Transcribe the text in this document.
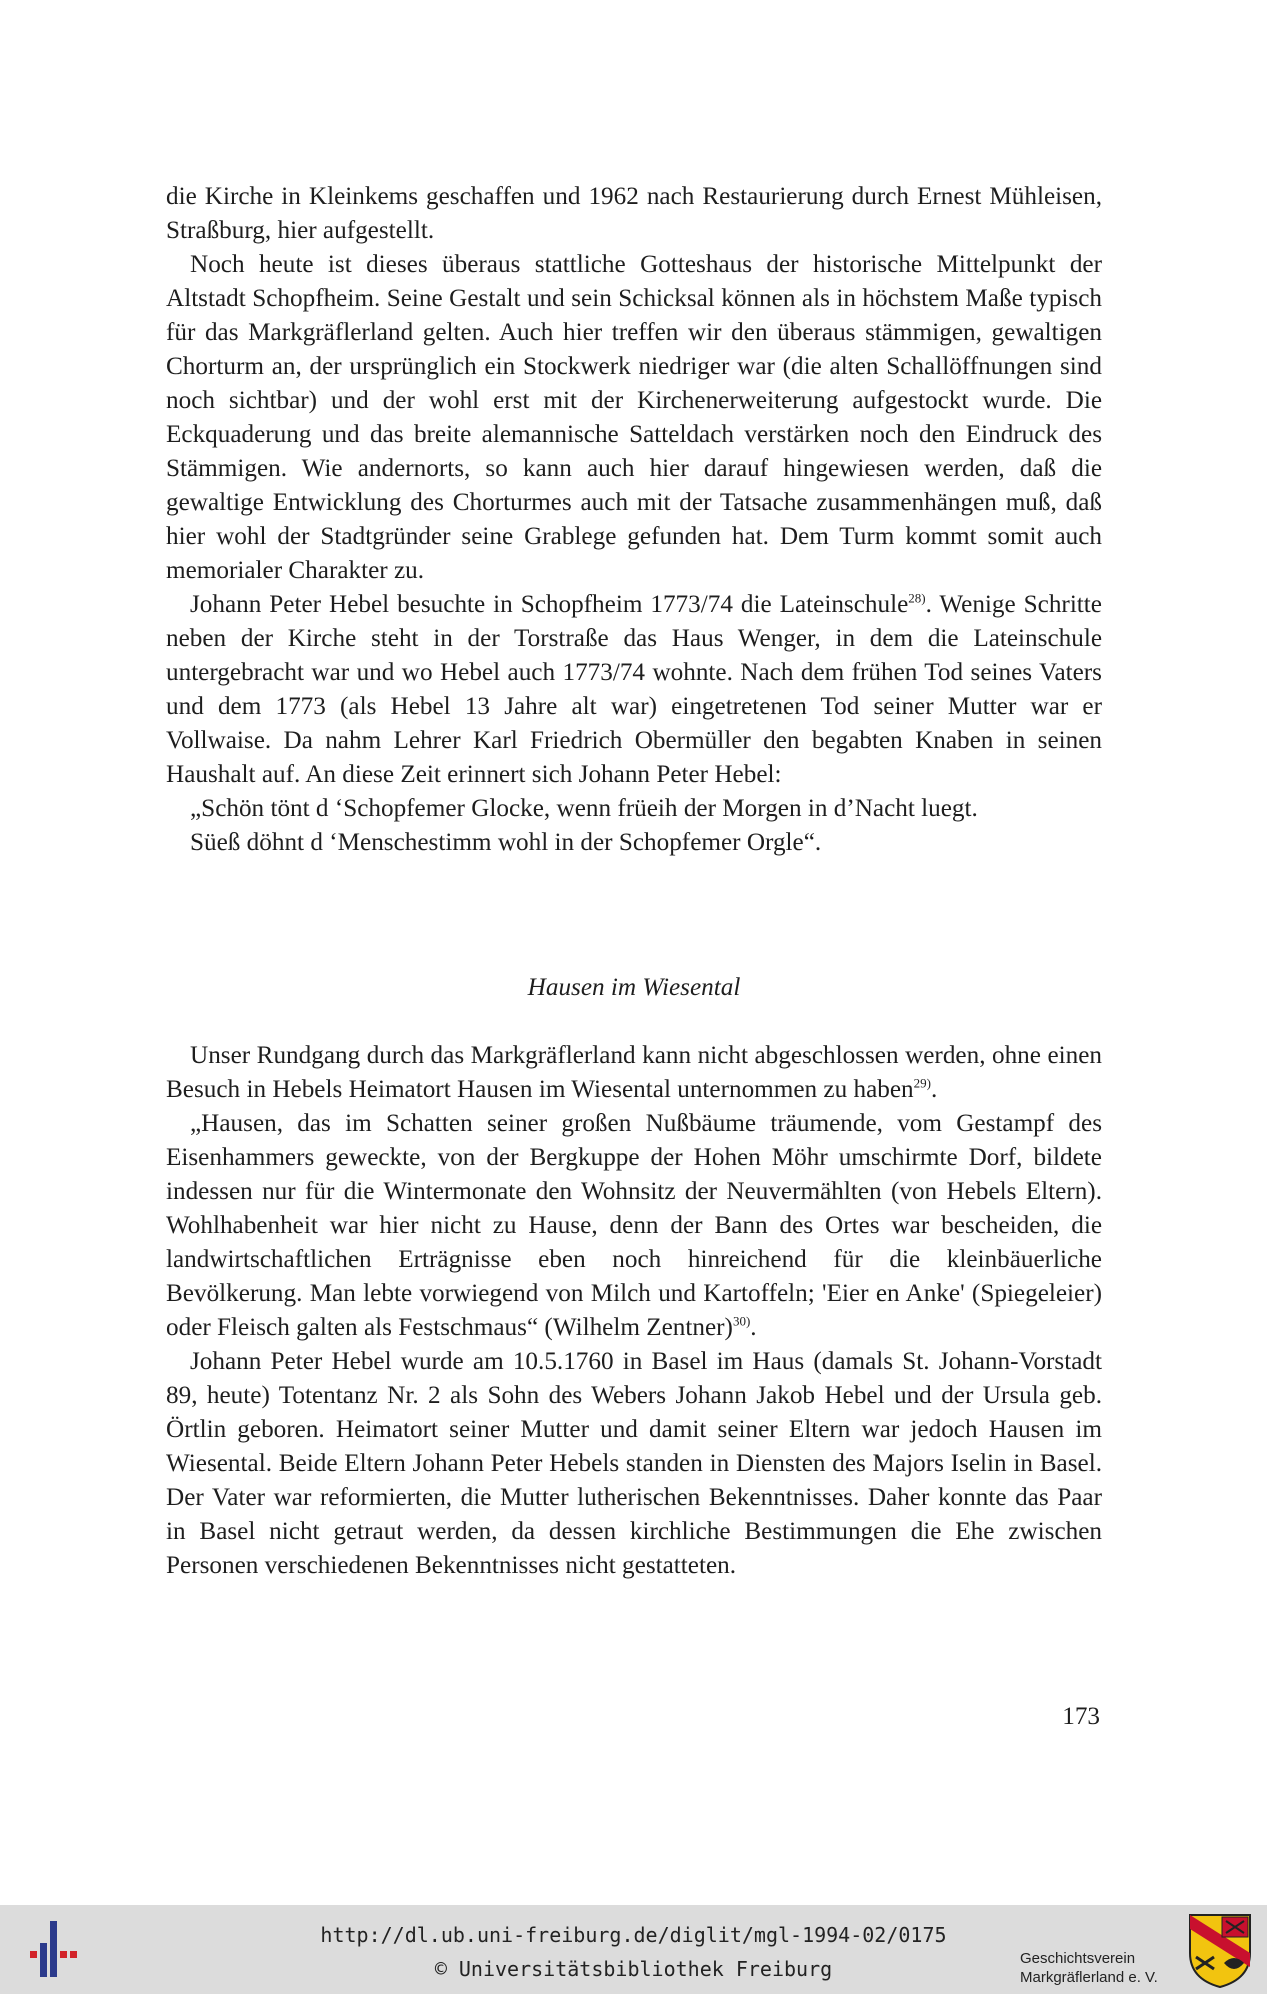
die Kirche in Kleinkems geschaffen und 1962 nach Restaurierung durch Ernest Mühleisen, Straßburg, hier aufgestellt.

Noch heute ist dieses überaus stattliche Gotteshaus der historische Mittelpunkt der Altstadt Schopfheim. Seine Gestalt und sein Schicksal können als in höchstem Maße typisch für das Markgräflerland gelten. Auch hier treffen wir den überaus stämmigen, gewaltigen Chorturm an, der ursprünglich ein Stockwerk niedriger war (die alten Schallöffnungen sind noch sichtbar) und der wohl erst mit der Kirchenerweiterung aufgestockt wurde. Die Eckquaderung und das breite alemannische Satteldach verstärken noch den Eindruck des Stämmigen. Wie andernorts, so kann auch hier darauf hingewiesen werden, daß die gewaltige Entwicklung des Chorturmes auch mit der Tatsache zusammenhängen muß, daß hier wohl der Stadtgründer seine Grablege gefunden hat. Dem Turm kommt somit auch memorialer Charakter zu.

Johann Peter Hebel besuchte in Schopfheim 1773/74 die Lateinschule$^{28)}$. Wenige Schritte neben der Kirche steht in der Torstraße das Haus Wenger, in dem die Lateinschule untergebracht war und wo Hebel auch 1773/74 wohnte. Nach dem frühen Tod seines Vaters und dem 1773 (als Hebel 13 Jahre alt war) eingetretenen Tod seiner Mutter war er Vollwaise. Da nahm Lehrer Karl Friedrich Obermüller den begabten Knaben in seinen Haushalt auf. An diese Zeit erinnert sich Johann Peter Hebel:

„Schön tönt d ‘Schopfemer Glocke, wenn früeih der Morgen in d’Nacht luegt.
Süeß döhnt d ‘Menschestimm wohl in der Schopfemer Orgle“.
Hausen im Wiesental

Unser Rundgang durch das Markgräflerland kann nicht abgeschlossen werden, ohne einen Besuch in Hebels Heimatort Hausen im Wiesental unternommen zu haben$^{29)}$.

„Hausen, das im Schatten seiner großen Nußbäume träumende, vom Gestampf des Eisenhammers geweckte, von der Bergkuppe der Hohen Möhr umschirmte Dorf, bildete indessen nur für die Wintermonate den Wohnsitz der Neuvermählten (von Hebels Eltern). Wohlhabenheit war hier nicht zu Hause, denn der Bann des Ortes war bescheiden, die landwirtschaftlichen Erträgnisse eben noch hinreichend für die kleinbäuerliche Bevölkerung. Man lebte vorwiegend von Milch und Kartoffeln; 'Eier en Anke' (Spiegeleier) oder Fleisch galten als Festschmaus“ (Wilhelm Zentner)$^{30)}$.

Johann Peter Hebel wurde am 10.5.1760 in Basel im Haus (damals St. Johann-Vorstadt 89, heute) Totentanz Nr. 2 als Sohn des Webers Johann Jakob Hebel und der Ursula geb. Örtlin geboren. Heimatort seiner Mutter und damit seiner Eltern war jedoch Hausen im Wiesental. Beide Eltern Johann Peter Hebels standen in Diensten des Majors Iselin in Basel. Der Vater war reformierten, die Mutter lutherischen Bekenntnisses. Daher konnte das Paar in Basel nicht getraut werden, da dessen kirchliche Bestimmungen die Ehe zwischen Personen verschiedenen Bekenntnisses nicht gestatteten.

173
http://dl.ub.uni-freiburg.de/diglit/mgl-1994-02/0175
© Universitätsbibliothek Freiburg	Geschichtsverein
Markgräflerland e. V.
